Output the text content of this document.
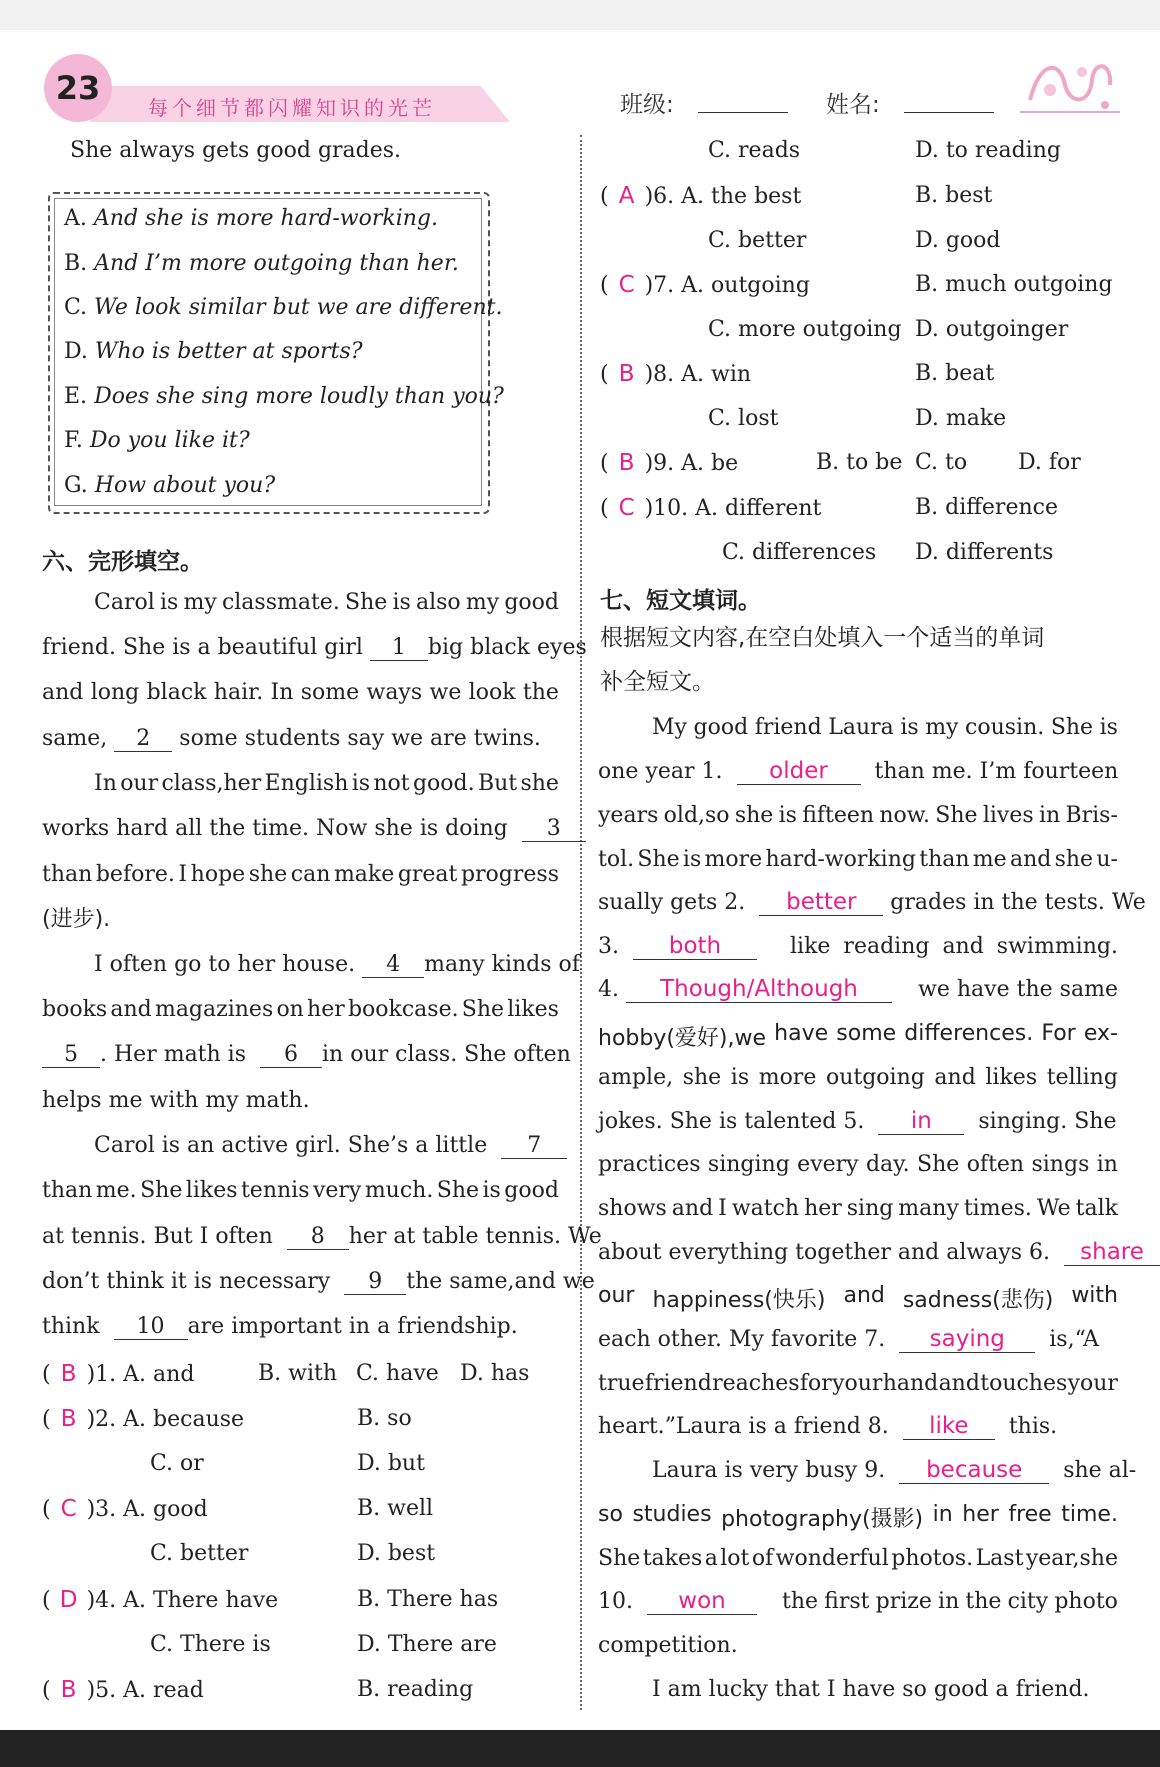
23
每个细节都闪耀知识的光芒	班级:	姓名:
She always gets good grades.
A. And she is more hard-working.
B. And I’m more outgoing than her.
C. We look similar but we are different.
D. Who is better at sports?
E. Does she sing more loudly than you?
F. Do you like it?
G. How about you?
六、完形填空。
Carol is my classmate. She is also my good
friend. She is a beautiful girl 1 big black eyes
and long black hair. In some ways we look the
same, 2 some students say we are twins.
In our class,her English is not good. But she
works hard all the time. Now she is doing 3
than before. I hope she can make great progress
(进步).
I often go to her house. 4 many kinds of
books and magazines on her bookcase. She likes
5 . Her math is 6 in our class. She often
helps me with my math.
Carol is an active girl. She’s a little 7
than me. She likes tennis very much. She is good
at tennis. But I often 8 her at table tennis. We
don’t think it is necessary 9 the same,and we
think 10 are important in a friendship.
( B )1. A. and	B. with C. have D. has
( B )2. A. because	B. so
C. or	D. but
( C )3. A. good	B. well
C. better	D. best
( D )4. A. There have	B. There has
C. There is	D. There are
( B )5. A. read	B. reading
C. reads	D. to reading
( A )6. A. the best	B. best
C. better	D. good
( C )7. A. outgoing	B. much outgoing
C. more outgoing D. outgoinger
( B )8. A. win	B. beat
C. lost	D. make
( B )9. A. be	B. to be C. to D. for
( C )10. A. different	B. difference
C. differences D. differents
七、短文填词。
根据短文内容,在空白处填入一个适当的单词
补全短文。
My good friend Laura is my cousin. She is
one year 1. older than me. I’m fourteen
years old,so she is fifteen now. She lives in Bris-
tol. She is more hard-working than me and she u-
sually gets 2. better grades in the tests. We
3. both	like reading and swimming.
4. Though/Although	we have the same
hobby(爱好),we have some differences. For ex-
ample, she is more outgoing and likes telling
jokes. She is talented 5. in singing. She
practices singing every day. She often sings in
shows and I watch her sing many times. We talk
about everything together and always 6. share
our happiness(快乐) and sadness(悲伤) with
each other. My favorite 7. saying is,“A
true friend reaches for your hand and touches your
heart.”Laura is a friend 8. like this.
Laura is very busy 9. because she al-
so studies photography(摄影) in her free time.
She takes a lot of wonderful photos. Last year,she
10. won	the first prize in the city photo
competition.
I am lucky that I have so good a friend.
